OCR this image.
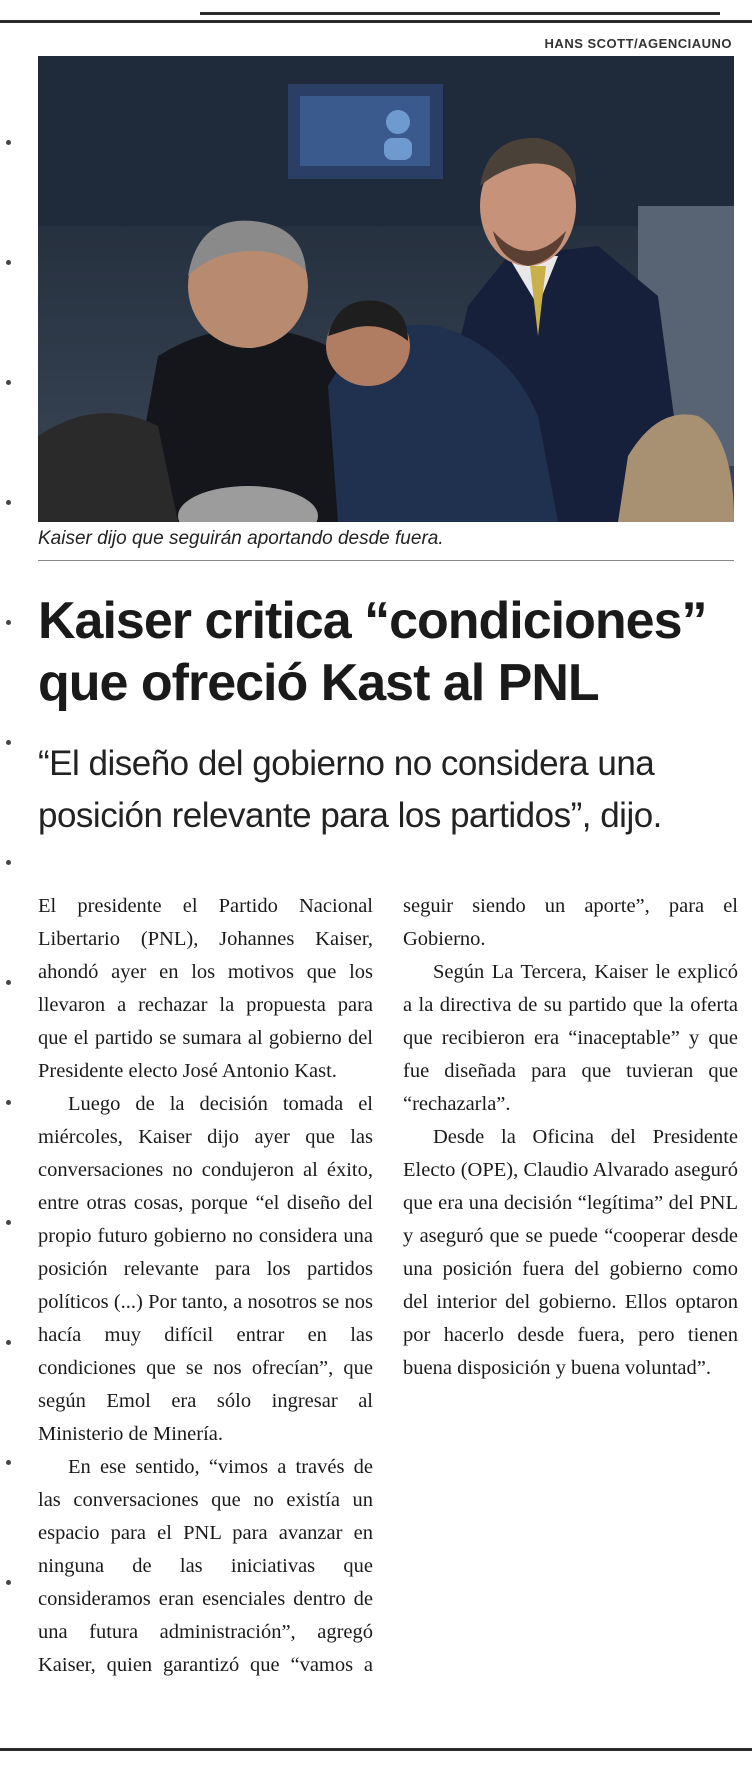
HANS SCOTT/AGENCIAUNO
Kaiser dijo que seguirán aportando desde fuera.
Kaiser critica “condiciones” que ofreció Kast al PNL

“El diseño del gobierno no considera una posición relevante para los partidos”, dijo.

El presidente el Partido Nacional Libertario (PNL), Johannes Kaiser, ahondó ayer en los motivos que los llevaron a rechazar la propuesta para que el partido se sumara al gobierno del Presidente electo José Antonio Kast.

Luego de la decisión tomada el miércoles, Kaiser dijo ayer que las conversaciones no condujeron al éxito, entre otras cosas, porque “el diseño del propio futuro gobierno no considera una posición relevante para los partidos políticos (...) Por tanto, a nosotros se nos hacía muy difícil entrar en las condiciones que se nos ofrecían”, que según Emol era sólo ingresar al Ministerio de Minería.

En ese sentido, “vimos a través de las conversaciones que no existía un espacio para el PNL para avanzar en ninguna de las iniciativas que consideramos eran esenciales dentro de una futura administración”, agregó Kaiser, quien garantizó que “vamos a seguir siendo un aporte”, para el Gobierno.

Según La Tercera, Kaiser le explicó a la directiva de su partido que la oferta que recibieron era “inaceptable” y que fue diseñada para que tuvieran que “rechazarla”.

Desde la Oficina del Presidente Electo (OPE), Claudio Alvarado aseguró que era una decisión “legítima” del PNL y aseguró que se puede “cooperar desde una posición fuera del gobierno como del interior del gobierno. Ellos optaron por hacerlo desde fuera, pero tienen buena disposición y buena voluntad”.
